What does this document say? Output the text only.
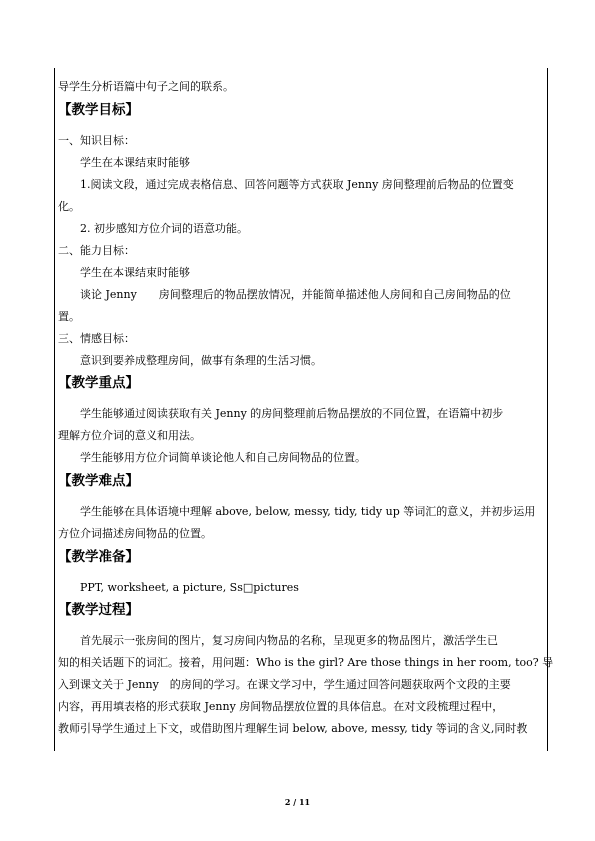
导学生分析语篇中句子之间的联系。
【教学目标】
一、知识目标：
学生在本课结束时能够
1.阅读文段，通过完成表格信息、回答问题等方式获取 Jenny 房间整理前后物品的位置变
化。
2. 初步感知方位介词的语意功能。
二、能力目标：
学生在本课结束时能够
谈论 Jenny　　房间整理后的物品摆放情况，并能简单描述他人房间和自己房间物品的位
置。
三、情感目标：
意识到要养成整理房间，做事有条理的生活习惯。
【教学重点】
学生能够通过阅读获取有关 Jenny 的房间整理前后物品摆放的不同位置，在语篇中初步
理解方位介词的意义和用法。
学生能够用方位介词简单谈论他人和自己房间物品的位置。
【教学难点】
学生能够在具体语境中理解 above, below, messy, tidy, tidy up 等词汇的意义，并初步运用
方位介词描述房间物品的位置。
【教学准备】
PPT, worksheet, a picture, Ss□pictures
【教学过程】
首先展示一张房间的图片，复习房间内物品的名称，呈现更多的物品图片，激活学生已
知的相关话题下的词汇。接着，用问题：Who is the girl? Are those things in her room, too? 导
入到课文关于 Jenny　的房间的学习。在课文学习中，学生通过回答问题获取两个文段的主要
内容，再用填表格的形式获取 Jenny 房间物品摆放位置的具体信息。在对文段梳理过程中，
教师引导学生通过上下文，或借助图片理解生词 below, above, messy, tidy 等词的含义,同时教
2 / 11
